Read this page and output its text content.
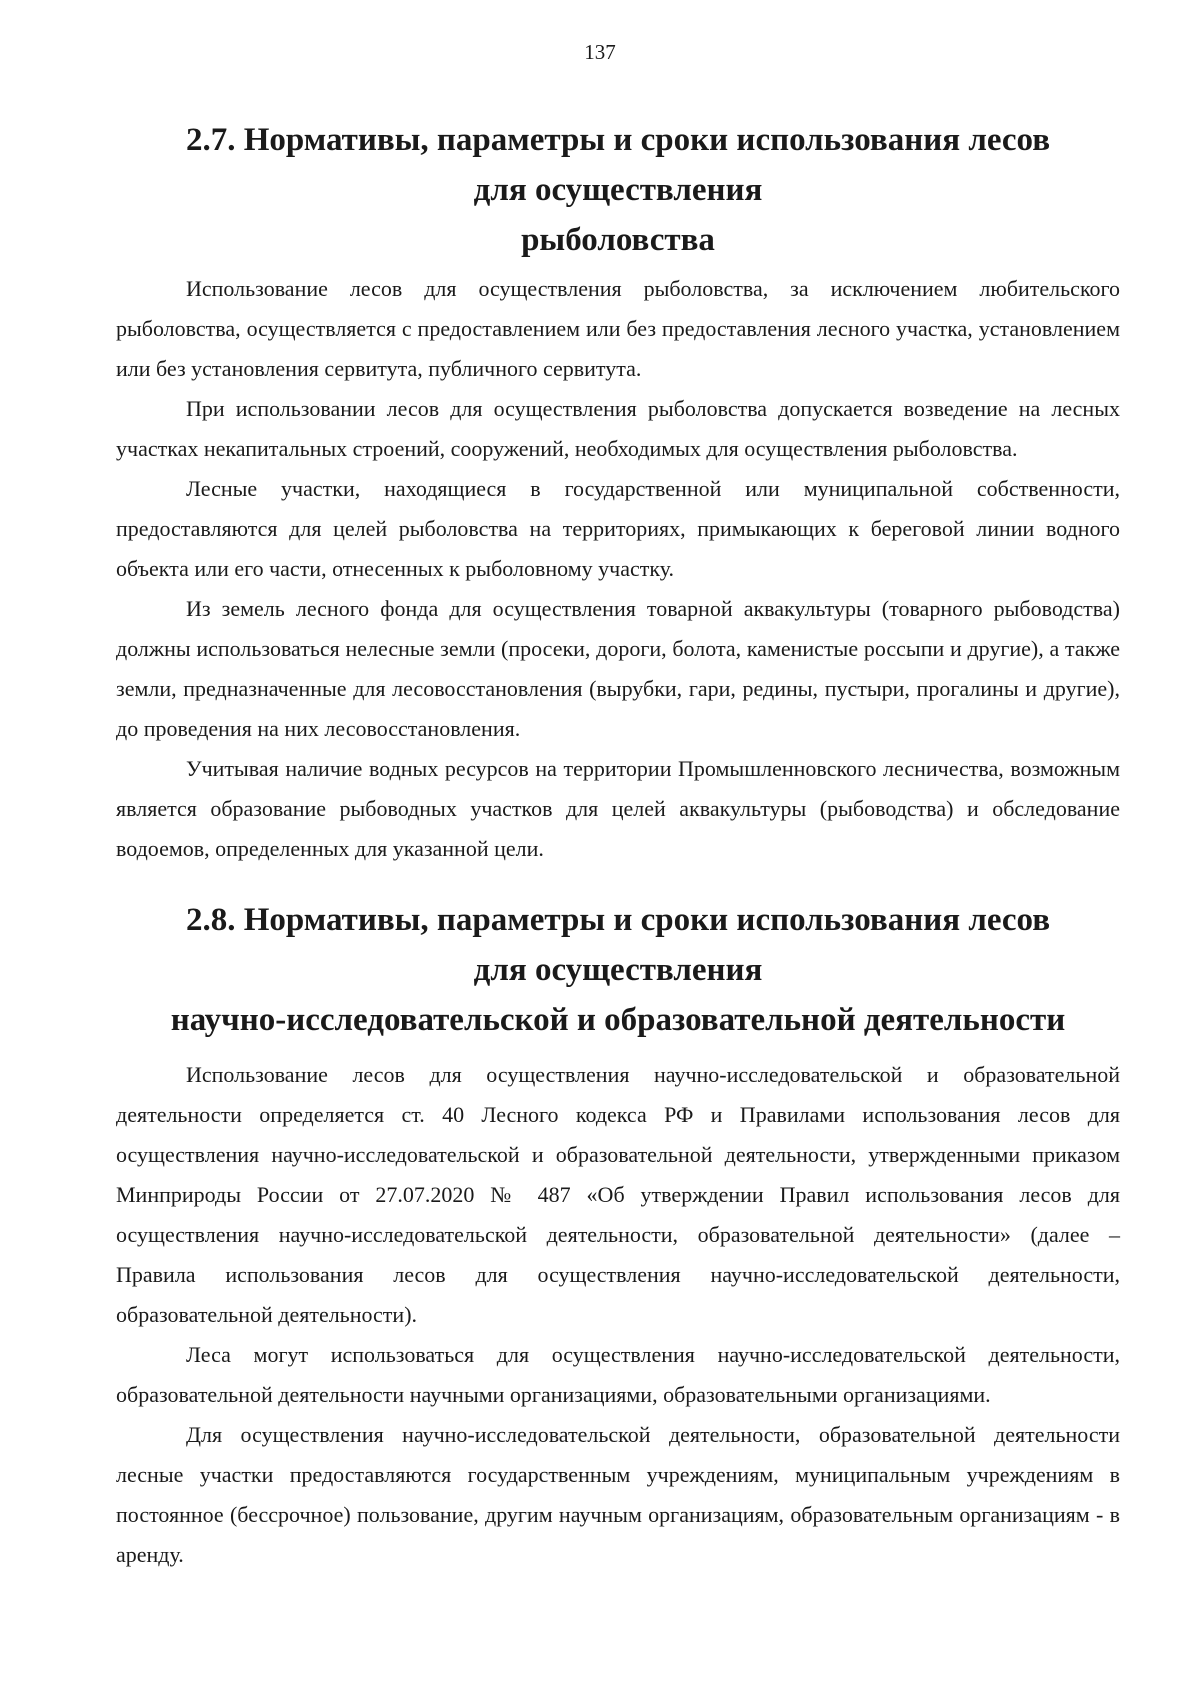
137

2.7. Нормативы, параметры и сроки использования лесов для осуществления
рыболовства

Использование лесов для осуществления рыболовства, за исключением любительского рыболовства, осуществляется с предоставлением или без предоставления лесного участка, установлением или без установления сервитута, публичного сервитута.

При использовании лесов для осуществления рыболовства допускается возведение на лесных участках некапитальных строений, сооружений, необходимых для осуществления рыболовства.

Лесные участки, находящиеся в государственной или муниципальной собственности, предоставляются для целей рыболовства на территориях, примыкающих к береговой линии водного объекта или его части, отнесенных к рыболовному участку.

Из земель лесного фонда для осуществления товарной аквакультуры (товарного рыбоводства) должны использоваться нелесные земли (просеки, дороги, болота, каменистые россыпи и другие), а также земли, предназначенные для лесовосстановления (вырубки, гари, редины, пустыри, прогалины и другие), до проведения на них лесовосстановления.

Учитывая наличие водных ресурсов на территории Промышленновского лесничества, возможным является образование рыбоводных участков для целей аквакультуры (рыбоводства) и обследование водоемов, определенных для указанной цели.

2.8. Нормативы, параметры и сроки использования лесов для осуществления
научно-исследовательской и образовательной деятельности

Использование лесов для осуществления научно-исследовательской и образовательной деятельности определяется ст. 40 Лесного кодекса РФ и Правилами использования лесов для осуществления научно-исследовательской и образовательной деятельности, утвержденными приказом Минприроды России от 27.07.2020 № 487 «Об утверждении Правил использования лесов для осуществления научно-исследовательской деятельности, образовательной деятельности» (далее – Правила использования лесов для осуществления научно-исследовательской деятельности, образовательной деятельности).

Леса могут использоваться для осуществления научно-исследовательской деятельности, образовательной деятельности научными организациями, образовательными организациями.

Для осуществления научно-исследовательской деятельности, образовательной деятельности лесные участки предоставляются государственным учреждениям, муниципальным учреждениям в постоянное (бессрочное) пользование, другим научным организациям, образовательным организациям - в аренду.
